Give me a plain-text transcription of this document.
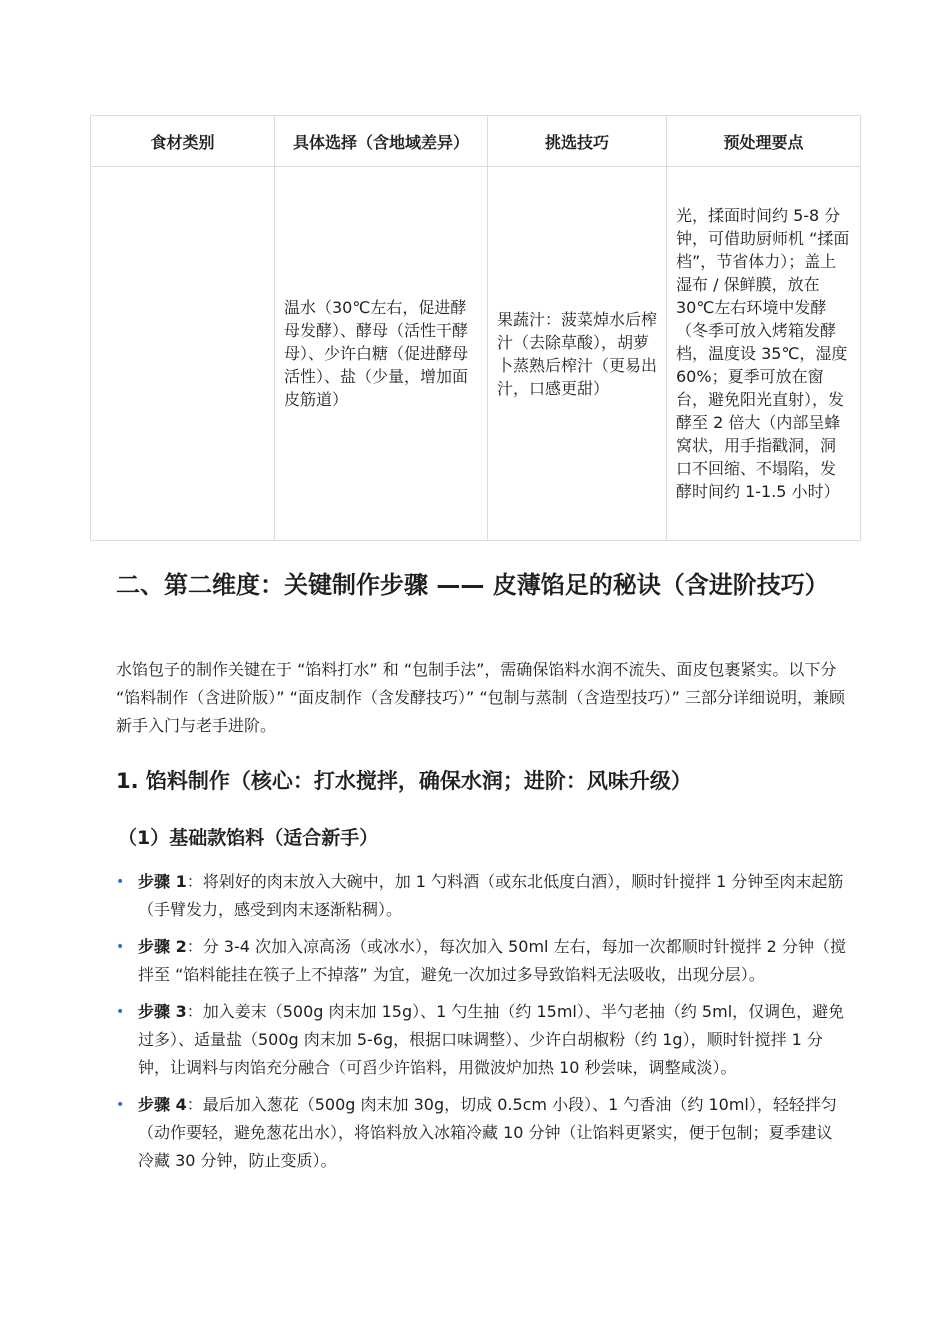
食材类别	具体选择（含地域差异）	挑选技巧	预处理要点
	温水（30℃左右，促进酵母发酵）、酵母（活性干酵母）、少许白糖（促进酵母活性）、盐（少量，增加面皮筋道）	果蔬汁：菠菜焯水后榨汁（去除草酸），胡萝卜蒸熟后榨汁（更易出汁，口感更甜）	光，揉面时间约 5-8 分钟，可借助厨师机 “揉面档”，节省体力）；盖上湿布 / 保鲜膜，放在 30℃左右环境中发酵（冬季可放入烤箱发酵档，温度设 35℃，湿度 60%；夏季可放在窗台，避免阳光直射），发酵至 2 倍大（内部呈蜂窝状，用手指戳洞，洞口不回缩、不塌陷，发酵时间约 1-1.5 小时）
二、第二维度：关键制作步骤 —— 皮薄馅足的秘诀（含进阶技巧）

水馅包子的制作关键在于 “馅料打水” 和 “包制手法”，需确保馅料水润不流失、面皮包裹紧实。以下分 “馅料制作（含进阶版）” “面皮制作（含发酵技巧）” “包制与蒸制（含造型技巧）” 三部分详细说明，兼顾新手入门与老手进阶。

1. 馅料制作（核心：打水搅拌，确保水润；进阶：风味升级）
（1）基础款馅料（适合新手）
• 步骤 1：将剁好的肉末放入大碗中，加 1 勺料酒（或东北低度白酒），顺时针搅拌 1 分钟至肉末起筋（手臂发力，感受到肉末逐渐粘稠）。
• 步骤 2：分 3-4 次加入凉高汤（或冰水），每次加入 50ml 左右，每加一次都顺时针搅拌 2 分钟（搅拌至 “馅料能挂在筷子上不掉落” 为宜，避免一次加过多导致馅料无法吸收，出现分层）。
• 步骤 3：加入姜末（500g 肉末加 15g）、1 勺生抽（约 15ml）、半勺老抽（约 5ml，仅调色，避免过多）、适量盐（500g 肉末加 5-6g，根据口味调整）、少许白胡椒粉（约 1g），顺时针搅拌 1 分钟，让调料与肉馅充分融合（可舀少许馅料，用微波炉加热 10 秒尝味，调整咸淡）。
• 步骤 4：最后加入葱花（500g 肉末加 30g，切成 0.5cm 小段）、1 勺香油（约 10ml），轻轻拌匀（动作要轻，避免葱花出水），将馅料放入冰箱冷藏 10 分钟（让馅料更紧实，便于包制；夏季建议冷藏 30 分钟，防止变质）。
